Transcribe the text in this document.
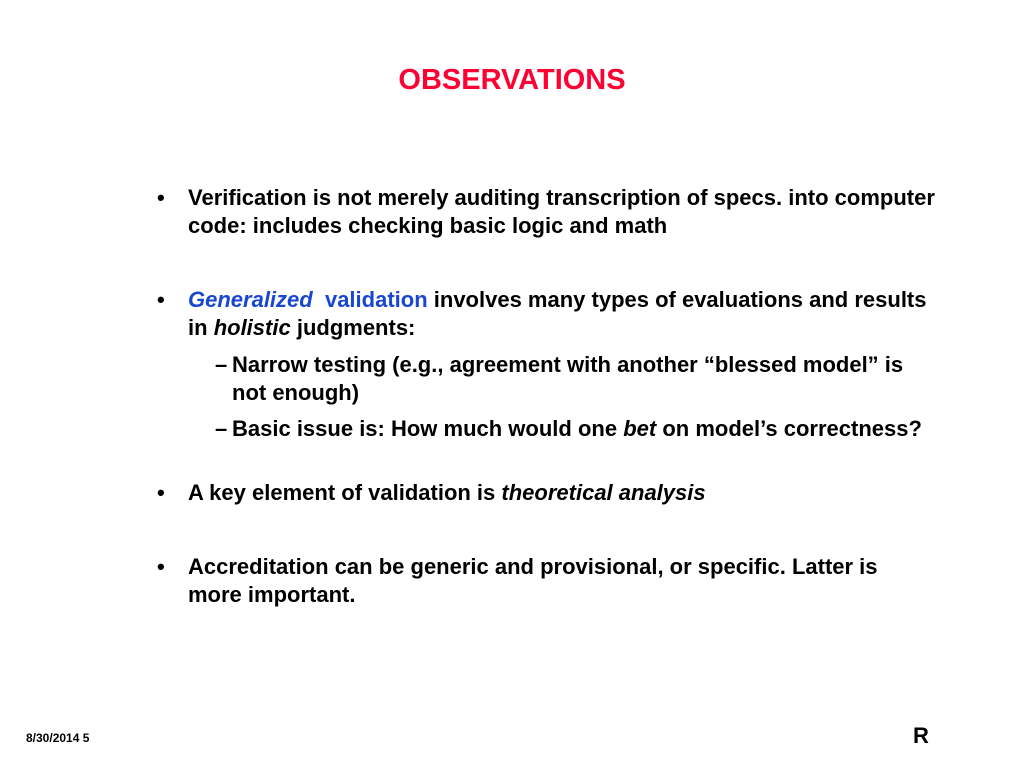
OBSERVATIONS
•	Verification is not merely auditing transcription of specs. into computer code: includes checking basic logic and math
•	Generalized validation involves many types of evaluations and results in holistic judgments:
– Narrow testing (e.g., agreement with another “blessed model” is not enough)
– Basic issue is: How much would one bet on model’s correctness?
•	A key element of validation is theoretical analysis
•	Accreditation can be generic and provisional, or specific. Latter is more important.
8/30/2014 5	R
